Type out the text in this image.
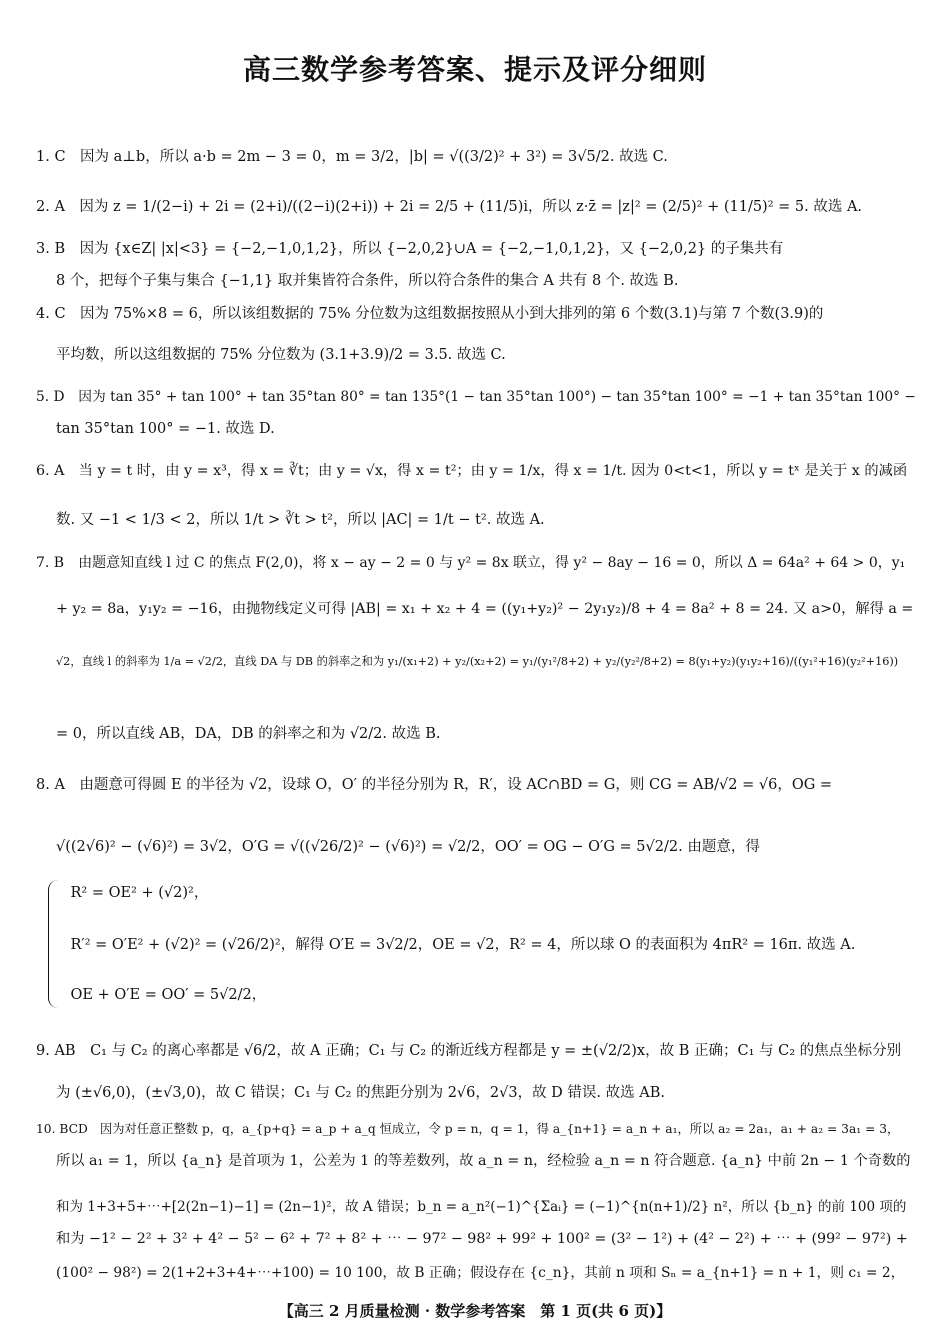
高三数学参考答案、提示及评分细则
1. C　因为 a⊥b，所以 a·b = 2m − 3 = 0，m = 3/2，|b| = √((3/2)² + 3²) = 3√5/2. 故选 C.
2. A　因为 z = 1/(2−i) + 2i = (2+i)/((2−i)(2+i)) + 2i = 2/5 + (11/5)i，所以 z·z̄ = |z|² = (2/5)² + (11/5)² = 5. 故选 A.
3. B　因为 {x∈Z| |x|<3} = {−2,−1,0,1,2}，所以 {−2,0,2}∪A = {−2,−1,0,1,2}，又 {−2,0,2} 的子集共有
8 个，把每个子集与集合 {−1,1} 取并集皆符合条件，所以符合条件的集合 A 共有 8 个. 故选 B.
4. C　因为 75%×8 = 6，所以该组数据的 75% 分位数为这组数据按照从小到大排列的第 6 个数(3.1)与第 7 个数(3.9)的
平均数，所以这组数据的 75% 分位数为 (3.1+3.9)/2 = 3.5. 故选 C.
5. D　因为 tan 35° + tan 100° + tan 35°tan 80° = tan 135°(1 − tan 35°tan 100°) − tan 35°tan 100° = −1 + tan 35°tan 100° −
tan 35°tan 100° = −1. 故选 D.
6. A　当 y = t 时，由 y = x³，得 x = ∛t；由 y = √x，得 x = t²；由 y = 1/x，得 x = 1/t. 因为 0<t<1，所以 y = tˣ 是关于 x 的减函
数. 又 −1 < 1/3 < 2，所以 1/t > ∛t > t²，所以 |AC| = 1/t − t². 故选 A.
7. B　由题意知直线 l 过 C 的焦点 F(2,0)，将 x − ay − 2 = 0 与 y² = 8x 联立，得 y² − 8ay − 16 = 0，所以 Δ = 64a² + 64 > 0，y₁
+ y₂ = 8a，y₁y₂ = −16，由抛物线定义可得 |AB| = x₁ + x₂ + 4 = ((y₁+y₂)² − 2y₁y₂)/8 + 4 = 8a² + 8 = 24. 又 a>0，解得 a =
√2，直线 l 的斜率为 1/a = √2/2，直线 DA 与 DB 的斜率之和为 y₁/(x₁+2) + y₂/(x₂+2) = y₁/(y₁²/8+2) + y₂/(y₂²/8+2) = 8(y₁+y₂)(y₁y₂+16)/((y₁²+16)(y₂²+16))
= 0，所以直线 AB，DA，DB 的斜率之和为 √2/2. 故选 B.
8. A　由题意可得圆 E 的半径为 √2，设球 O，O′ 的半径分别为 R，R′，设 AC∩BD = G，则 CG = AB/√2 = √6，OG =
√((2√6)² − (√6)²) = 3√2，O′G = √((√26/2)² − (√6)²) = √2/2，OO′ = OG − O′G = 5√2/2. 由题意，得
　R² = OE² + (√2)²，
　R′² = O′E² + (√2)² = (√26/2)²，解得 O′E = 3√2/2，OE = √2，R² = 4，所以球 O 的表面积为 4πR² = 16π. 故选 A.
　OE + O′E = OO′ = 5√2/2，
9. AB　C₁ 与 C₂ 的离心率都是 √6/2，故 A 正确；C₁ 与 C₂ 的渐近线方程都是 y = ±(√2/2)x，故 B 正确；C₁ 与 C₂ 的焦点坐标分别
为 (±√6,0)，(±√3,0)，故 C 错误；C₁ 与 C₂ 的焦距分别为 2√6，2√3，故 D 错误. 故选 AB.
10. BCD　因为对任意正整数 p，q，a_{p+q} = a_p + a_q 恒成立，令 p = n，q = 1，得 a_{n+1} = a_n + a₁，所以 a₂ = 2a₁，a₁ + a₂ = 3a₁ = 3，
所以 a₁ = 1，所以 {a_n} 是首项为 1，公差为 1 的等差数列，故 a_n = n，经检验 a_n = n 符合题意. {a_n} 中前 2n − 1 个奇数的
和为 1+3+5+⋯+[2(2n−1)−1] = (2n−1)²，故 A 错误；b_n = a_n²(−1)^{Σaᵢ} = (−1)^{n(n+1)/2} n²，所以 {b_n} 的前 100 项的
和为 −1² − 2² + 3² + 4² − 5² − 6² + 7² + 8² + ⋯ − 97² − 98² + 99² + 100² = (3² − 1²) + (4² − 2²) + ⋯ + (99² − 97²) +
(100² − 98²) = 2(1+2+3+4+⋯+100) = 10 100，故 B 正确；假设存在 {c_n}，其前 n 项和 Sₙ = a_{n+1} = n + 1，则 c₁ = 2，
【高三 2 月质量检测 · 数学参考答案　第 1 页(共 6 页)】
